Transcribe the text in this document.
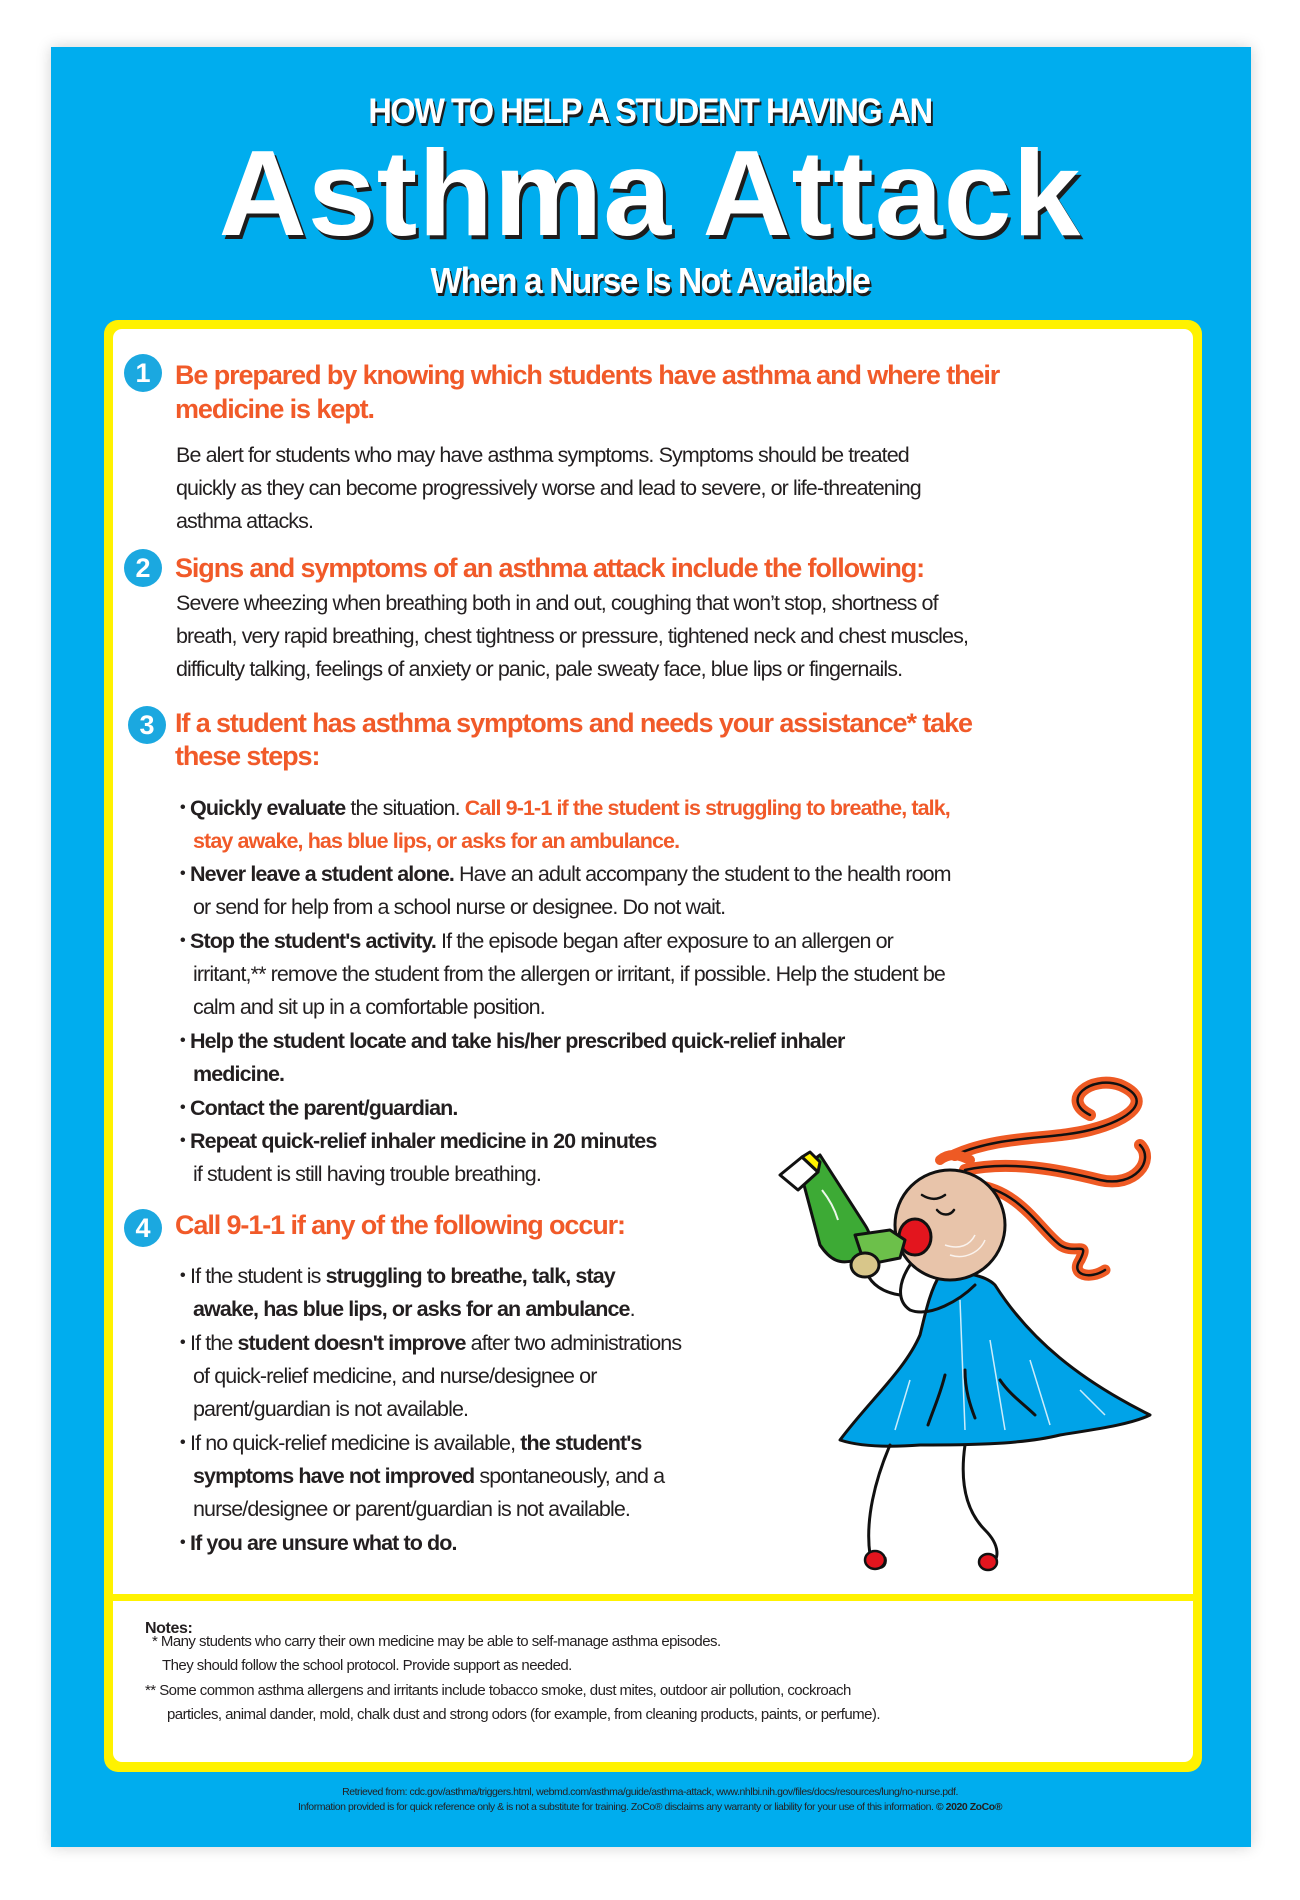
HOW TO HELP A STUDENT HAVING AN
Asthma Attack
When a Nurse Is Not Available
1 Be prepared by knowing which students have asthma and where their
medicine is kept.
Be alert for students who may have asthma symptoms. Symptoms should be treated
quickly as they can become progressively worse and lead to severe, or life-threatening
asthma attacks.
2 Signs and symptoms of an asthma attack include the following:
Severe wheezing when breathing both in and out, coughing that won’t stop, shortness of
breath, very rapid breathing, chest tightness or pressure, tightened neck and chest muscles,
difficulty talking, feelings of anxiety or panic, pale sweaty face, blue lips or fingernails.
3 If a student has asthma symptoms and needs your assistance* take
these steps:
• Quickly evaluate the situation. Call 9-1-1 if the student is struggling to breathe, talk,
stay awake, has blue lips, or asks for an ambulance.
• Never leave a student alone. Have an adult accompany the student to the health room
or send for help from a school nurse or designee. Do not wait.
• Stop the student's activity. If the episode began after exposure to an allergen or
irritant,** remove the student from the allergen or irritant, if possible. Help the student be
calm and sit up in a comfortable position.
• Help the student locate and take his/her prescribed quick-relief inhaler
medicine.
• Contact the parent/guardian.
• Repeat quick-relief inhaler medicine in 20 minutes
if student is still having trouble breathing.
4 Call 9-1-1 if any of the following occur:
• If the student is struggling to breathe, talk, stay
awake, has blue lips, or asks for an ambulance.
• If the student doesn't improve after two administrations
of quick-relief medicine, and nurse/designee or
parent/guardian is not available.
• If no quick-relief medicine is available, the student's
symptoms have not improved spontaneously, and a
nurse/designee or parent/guardian is not available.
• If you are unsure what to do.
Notes:
* Many students who carry their own medicine may be able to self-manage asthma episodes.
They should follow the school protocol. Provide support as needed.
** Some common asthma allergens and irritants include tobacco smoke, dust mites, outdoor air pollution, cockroach
particles, animal dander, mold, chalk dust and strong odors (for example, from cleaning products, paints, or perfume).
Retrieved from: cdc.gov/asthma/triggers.html, webmd.com/asthma/guide/asthma-attack, www.nhlbi.nih.gov/files/docs/resources/lung/no-nurse.pdf.
Information provided is for quick reference only & is not a substitute for training. ZoCo® disclaims any warranty or liability for your use of this information. © 2020 ZoCo®
